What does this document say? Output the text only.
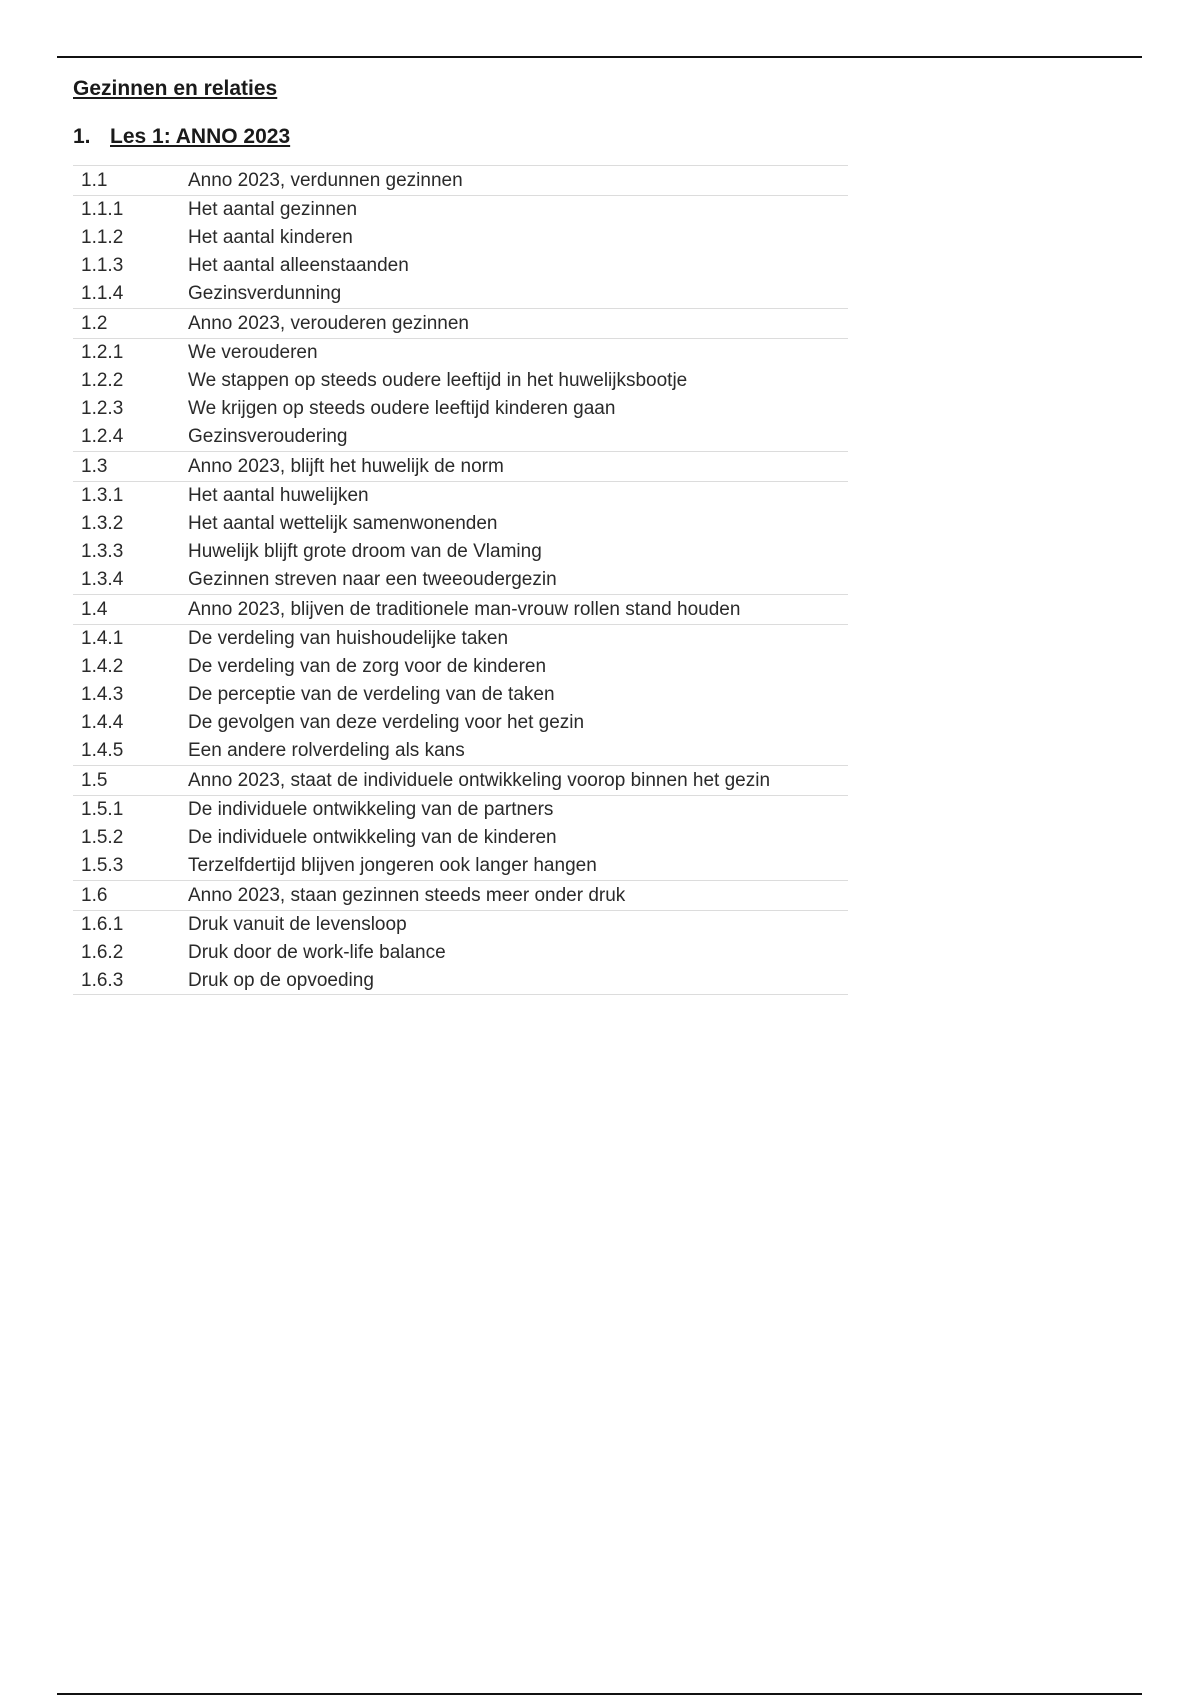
Gezinnen en relaties
1. Les 1: ANNO 2023
1.1	Anno 2023, verdunnen gezinnen
1.1.1	Het aantal gezinnen
1.1.2	Het aantal kinderen
1.1.3	Het aantal alleenstaanden
1.1.4	Gezinsverdunning
1.2	Anno 2023, verouderen gezinnen
1.2.1	We verouderen
1.2.2	We stappen op steeds oudere leeftijd in het huwelijksbootje
1.2.3	We krijgen op steeds oudere leeftijd kinderen gaan
1.2.4	Gezinsveroudering
1.3	Anno 2023, blijft het huwelijk de norm
1.3.1	Het aantal huwelijken
1.3.2	Het aantal wettelijk samenwonenden
1.3.3	Huwelijk blijft grote droom van de Vlaming
1.3.4	Gezinnen streven naar een tweeoudergezin
1.4	Anno 2023, blijven de traditionele man-vrouw rollen stand houden
1.4.1	De verdeling van huishoudelijke taken
1.4.2	De verdeling van de zorg voor de kinderen
1.4.3	De perceptie van de verdeling van de taken
1.4.4	De gevolgen van deze verdeling voor het gezin
1.4.5	Een andere rolverdeling als kans
1.5	Anno 2023, staat de individuele ontwikkeling voorop binnen het gezin
1.5.1	De individuele ontwikkeling van de partners
1.5.2	De individuele ontwikkeling van de kinderen
1.5.3	Terzelfdertijd blijven jongeren ook langer hangen
1.6	Anno 2023, staan gezinnen steeds meer onder druk
1.6.1	Druk vanuit de levensloop
1.6.2	Druk door de work-life balance
1.6.3	Druk op de opvoeding
